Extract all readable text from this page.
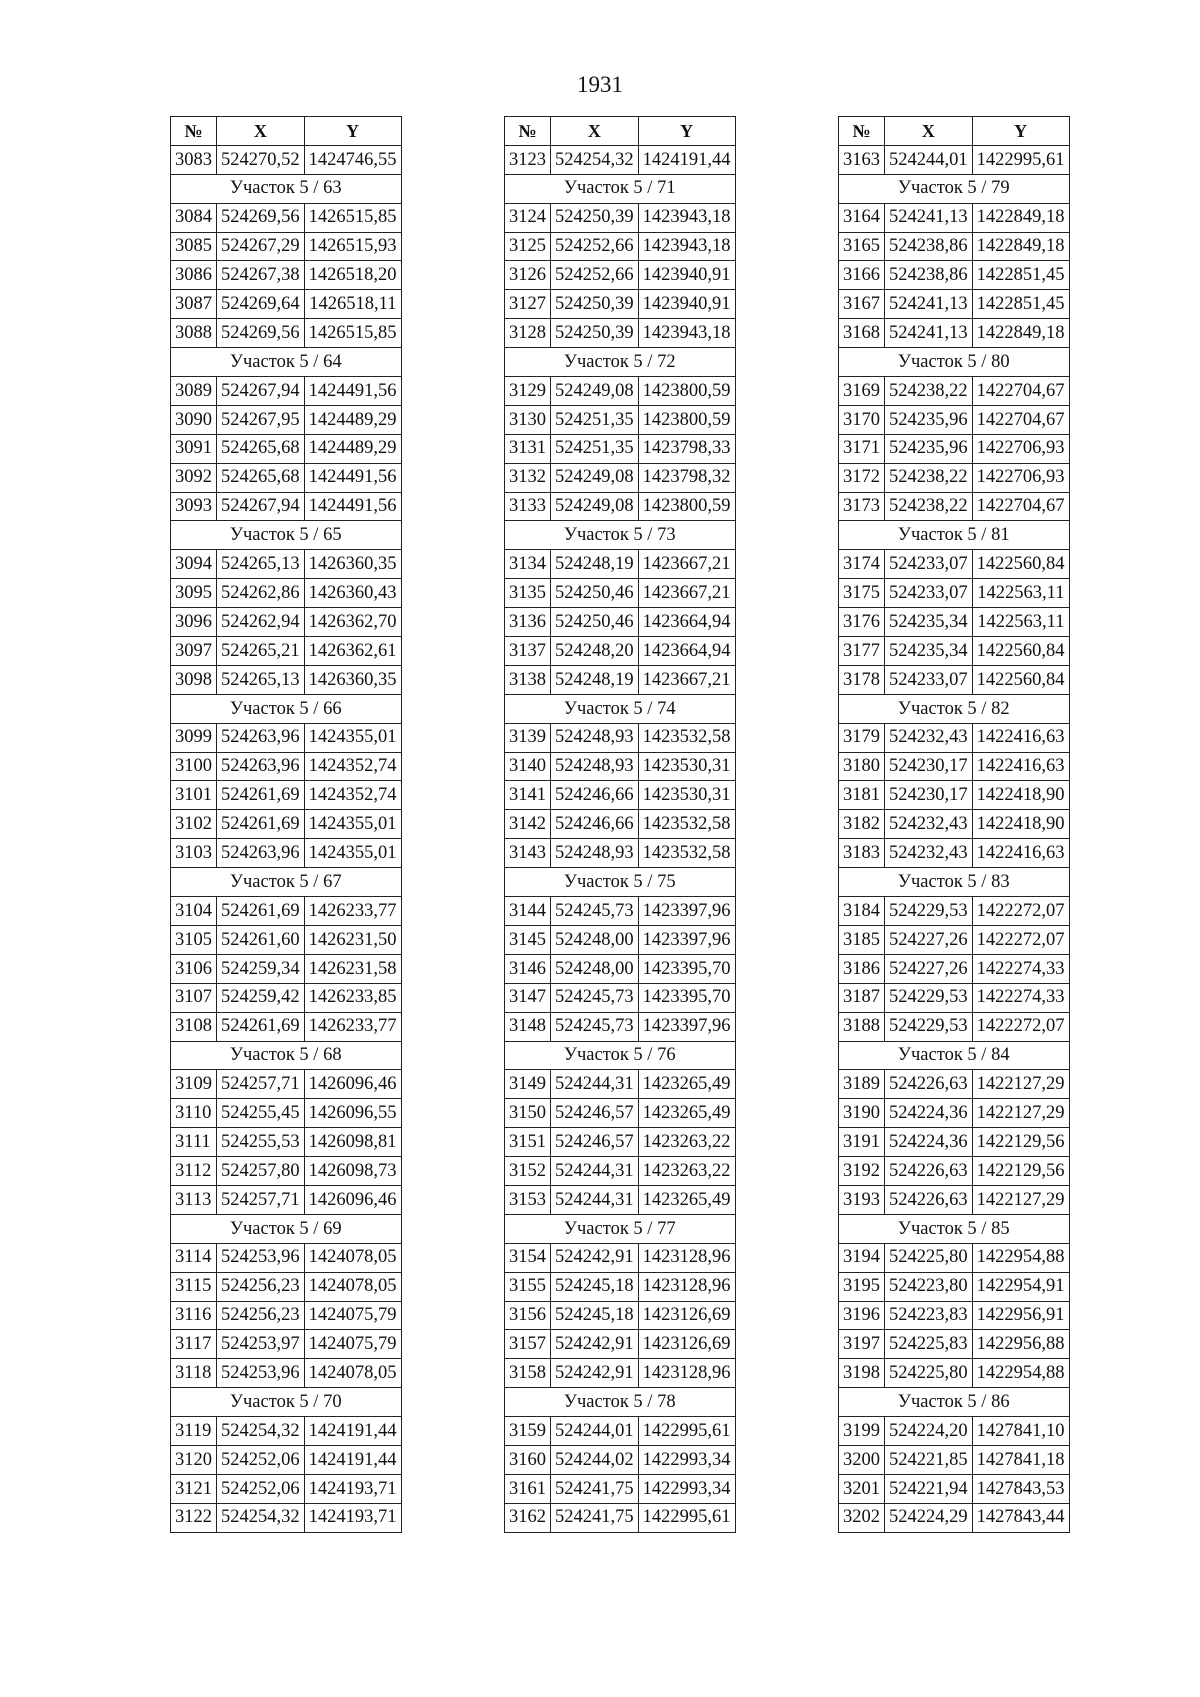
1931
№	X	Y
3083	524270,52	1424746,55
Участок 5 / 63		
3084	524269,56	1426515,85
3085	524267,29	1426515,93
3086	524267,38	1426518,20
3087	524269,64	1426518,11
3088	524269,56	1426515,85
Участок 5 / 64		
3089	524267,94	1424491,56
3090	524267,95	1424489,29
3091	524265,68	1424489,29
3092	524265,68	1424491,56
3093	524267,94	1424491,56
Участок 5 / 65		
3094	524265,13	1426360,35
3095	524262,86	1426360,43
3096	524262,94	1426362,70
3097	524265,21	1426362,61
3098	524265,13	1426360,35
Участок 5 / 66		
3099	524263,96	1424355,01
3100	524263,96	1424352,74
3101	524261,69	1424352,74
3102	524261,69	1424355,01
3103	524263,96	1424355,01
Участок 5 / 67		
3104	524261,69	1426233,77
3105	524261,60	1426231,50
3106	524259,34	1426231,58
3107	524259,42	1426233,85
3108	524261,69	1426233,77
Участок 5 / 68		
3109	524257,71	1426096,46
3110	524255,45	1426096,55
3111	524255,53	1426098,81
3112	524257,80	1426098,73
3113	524257,71	1426096,46
Участок 5 / 69		
3114	524253,96	1424078,05
3115	524256,23	1424078,05
3116	524256,23	1424075,79
3117	524253,97	1424075,79
3118	524253,96	1424078,05
Участок 5 / 70		
3119	524254,32	1424191,44
3120	524252,06	1424191,44
3121	524252,06	1424193,71
3122	524254,32	1424193,71
№	X	Y
3123	524254,32	1424191,44
Участок 5 / 71		
3124	524250,39	1423943,18
3125	524252,66	1423943,18
3126	524252,66	1423940,91
3127	524250,39	1423940,91
3128	524250,39	1423943,18
Участок 5 / 72		
3129	524249,08	1423800,59
3130	524251,35	1423800,59
3131	524251,35	1423798,33
3132	524249,08	1423798,32
3133	524249,08	1423800,59
Участок 5 / 73		
3134	524248,19	1423667,21
3135	524250,46	1423667,21
3136	524250,46	1423664,94
3137	524248,20	1423664,94
3138	524248,19	1423667,21
Участок 5 / 74		
3139	524248,93	1423532,58
3140	524248,93	1423530,31
3141	524246,66	1423530,31
3142	524246,66	1423532,58
3143	524248,93	1423532,58
Участок 5 / 75		
3144	524245,73	1423397,96
3145	524248,00	1423397,96
3146	524248,00	1423395,70
3147	524245,73	1423395,70
3148	524245,73	1423397,96
Участок 5 / 76		
3149	524244,31	1423265,49
3150	524246,57	1423265,49
3151	524246,57	1423263,22
3152	524244,31	1423263,22
3153	524244,31	1423265,49
Участок 5 / 77		
3154	524242,91	1423128,96
3155	524245,18	1423128,96
3156	524245,18	1423126,69
3157	524242,91	1423126,69
3158	524242,91	1423128,96
Участок 5 / 78		
3159	524244,01	1422995,61
3160	524244,02	1422993,34
3161	524241,75	1422993,34
3162	524241,75	1422995,61
№	X	Y
3163	524244,01	1422995,61
Участок 5 / 79		
3164	524241,13	1422849,18
3165	524238,86	1422849,18
3166	524238,86	1422851,45
3167	524241,13	1422851,45
3168	524241,13	1422849,18
Участок 5 / 80		
3169	524238,22	1422704,67
3170	524235,96	1422704,67
3171	524235,96	1422706,93
3172	524238,22	1422706,93
3173	524238,22	1422704,67
Участок 5 / 81		
3174	524233,07	1422560,84
3175	524233,07	1422563,11
3176	524235,34	1422563,11
3177	524235,34	1422560,84
3178	524233,07	1422560,84
Участок 5 / 82		
3179	524232,43	1422416,63
3180	524230,17	1422416,63
3181	524230,17	1422418,90
3182	524232,43	1422418,90
3183	524232,43	1422416,63
Участок 5 / 83		
3184	524229,53	1422272,07
3185	524227,26	1422272,07
3186	524227,26	1422274,33
3187	524229,53	1422274,33
3188	524229,53	1422272,07
Участок 5 / 84		
3189	524226,63	1422127,29
3190	524224,36	1422127,29
3191	524224,36	1422129,56
3192	524226,63	1422129,56
3193	524226,63	1422127,29
Участок 5 / 85		
3194	524225,80	1422954,88
3195	524223,80	1422954,91
3196	524223,83	1422956,91
3197	524225,83	1422956,88
3198	524225,80	1422954,88
Участок 5 / 86		
3199	524224,20	1427841,10
3200	524221,85	1427841,18
3201	524221,94	1427843,53
3202	524224,29	1427843,44
